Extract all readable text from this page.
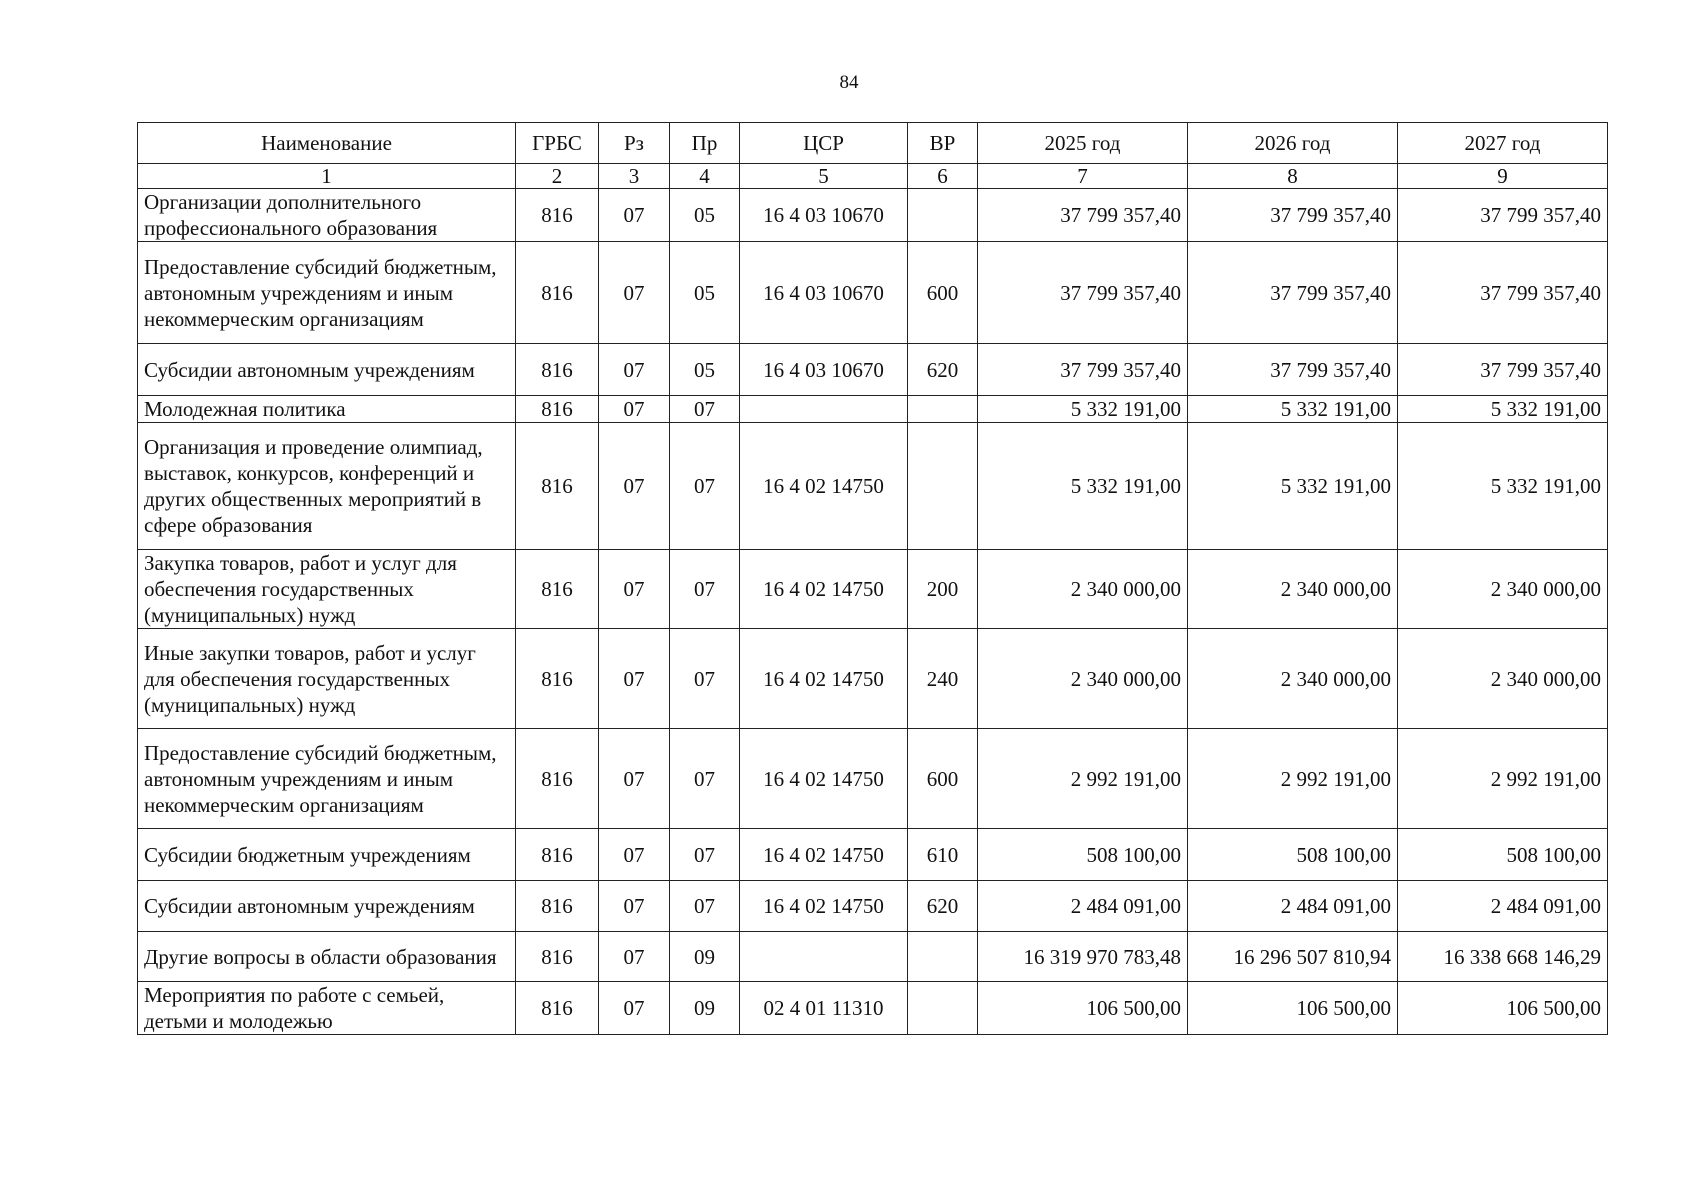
84
Наименование	ГРБС	Рз	Пр	ЦСР	ВР	2025 год	2026 год	2027 год
1	2	3	4	5	6	7	8	9
Организации дополнительного профессионального образования	816	07	05	16 4 03 10670		37 799 357,40	37 799 357,40	37 799 357,40
Предоставление субсидий бюджетным, автономным учреждениям и иным некоммерческим организациям	816	07	05	16 4 03 10670	600	37 799 357,40	37 799 357,40	37 799 357,40
Субсидии автономным учреждениям	816	07	05	16 4 03 10670	620	37 799 357,40	37 799 357,40	37 799 357,40
Молодежная политика	816	07	07			5 332 191,00	5 332 191,00	5 332 191,00
Организация и проведение олимпиад, выставок, конкурсов, конференций и других общественных мероприятий в сфере образования	816	07	07	16 4 02 14750		5 332 191,00	5 332 191,00	5 332 191,00
Закупка товаров, работ и услуг для обеспечения государственных (муниципальных) нужд	816	07	07	16 4 02 14750	200	2 340 000,00	2 340 000,00	2 340 000,00
Иные закупки товаров, работ и услуг для обеспечения государственных (муниципальных) нужд	816	07	07	16 4 02 14750	240	2 340 000,00	2 340 000,00	2 340 000,00
Предоставление субсидий бюджетным, автономным учреждениям и иным некоммерческим организациям	816	07	07	16 4 02 14750	600	2 992 191,00	2 992 191,00	2 992 191,00
Субсидии бюджетным учреждениям	816	07	07	16 4 02 14750	610	508 100,00	508 100,00	508 100,00
Субсидии автономным учреждениям	816	07	07	16 4 02 14750	620	2 484 091,00	2 484 091,00	2 484 091,00
Другие вопросы в области образования	816	07	09			16 319 970 783,48	16 296 507 810,94	16 338 668 146,29
Мероприятия по работе с семьей, детьми и молодежью	816	07	09	02 4 01 11310		106 500,00	106 500,00	106 500,00
